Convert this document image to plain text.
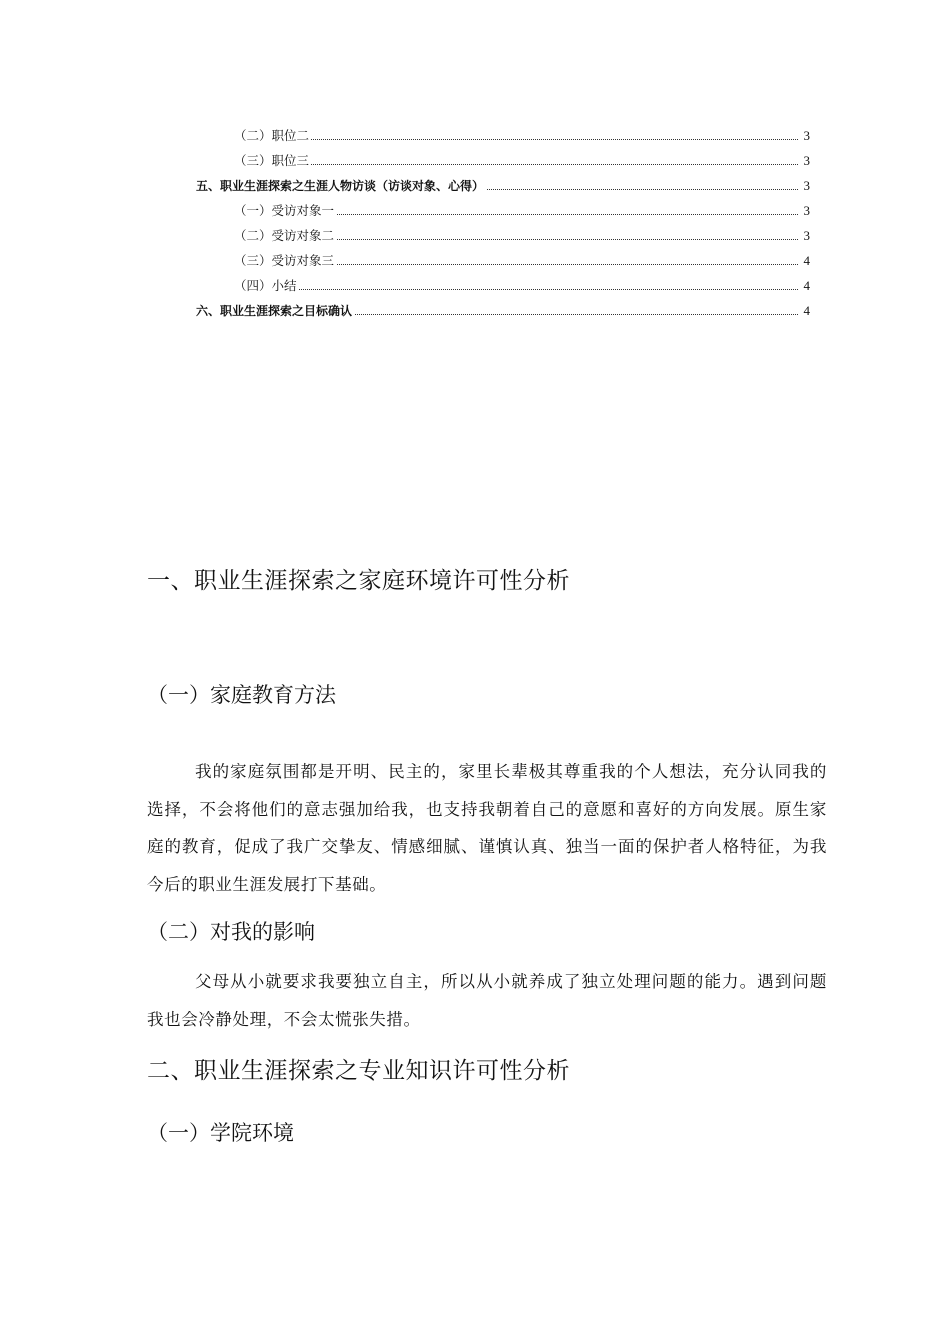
（二）职位二	3
（三）职位三	3
五、职业生涯探索之生涯人物访谈（访谈对象、心得）	3
（一）受访对象一	3
（二）受访对象二	3
（三）受访对象三	4
（四）小结	4
六、职业生涯探索之目标确认	4
一、职业生涯探索之家庭环境许可性分析
（一）家庭教育方法

我的家庭氛围都是开明、民主的，家里长辈极其尊重我的个人想法，充分认同我的选择，不会将他们的意志强加给我，也支持我朝着自己的意愿和喜好的方向发展。原生家庭的教育，促成了我广交挚友、情感细腻、谨慎认真、独当一面的保护者人格特征，为我今后的职业生涯发展打下基础。

（二）对我的影响

父母从小就要求我要独立自主，所以从小就养成了独立处理问题的能力。遇到问题我也会冷静处理，不会太慌张失措。

二、职业生涯探索之专业知识许可性分析
（一）学院环境
